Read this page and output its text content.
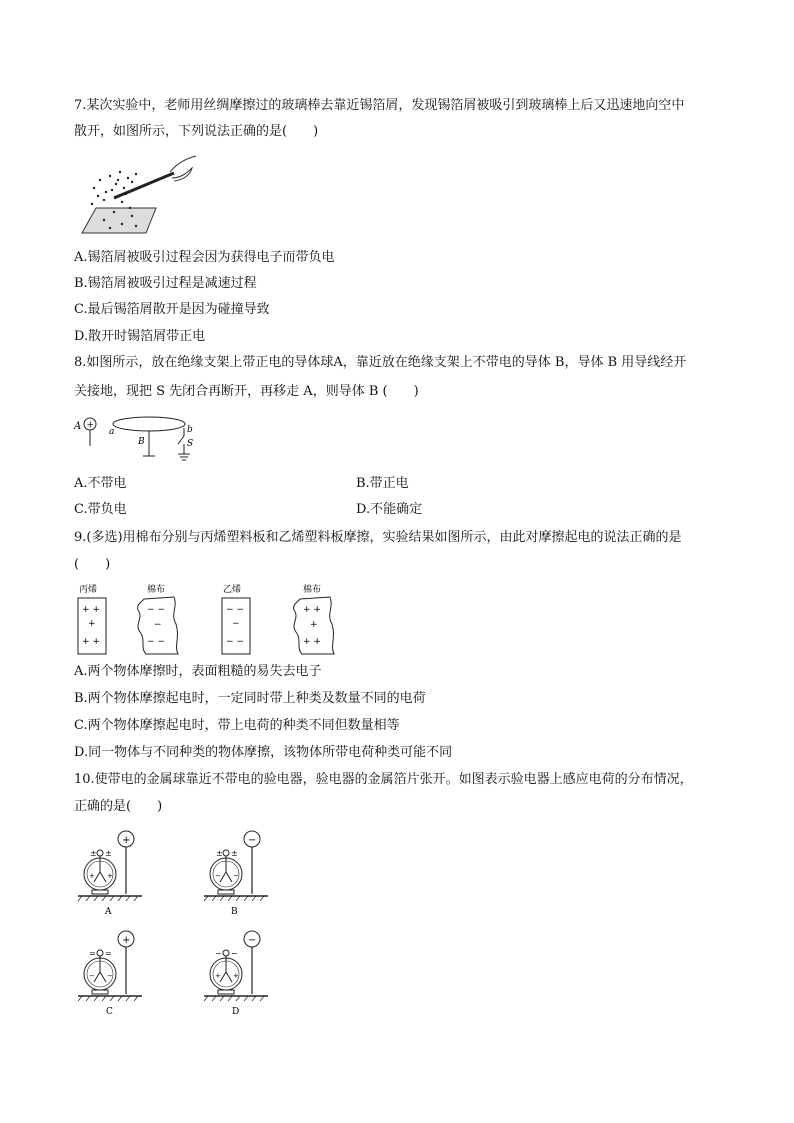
7.某次实验中，老师用丝绸摩擦过的玻璃棒去靠近锡箔屑，发现锡箔屑被吸引到玻璃棒上后又迅速地向空中
散开，如图所示，下列说法正确的是(　　)
A.锡箔屑被吸引过程会因为获得电子而带负电
B.锡箔屑被吸引过程是减速过程
C.最后锡箔屑散开是因为碰撞导致
D.散开时锡箔屑带正电
8.如图所示，放在绝缘支架上带正电的导体球A，靠近放在绝缘支架上不带电的导体 B，导体 B 用导线经开
关接地，现把 S 先闭合再断开，再移走 A，则导体 B (　　)
A +
a	b
B	S
A.不带电	B.带正电
C.带负电	D.不能确定
9.(多选)用棉布分别与丙烯塑料板和乙烯塑料板摩擦，实验结果如图所示，由此对摩擦起电的说法正确的是
(　　)
丙烯
+ +
+
+ +
棉布
− −
−
− −
乙烯
− −
−
− −
棉布
+ +
+
+ +
A.两个物体摩擦时，表面粗糙的易失去电子
B.两个物体摩擦起电时，一定同时带上种类及数量不同的电荷
C.两个物体摩擦起电时，带上电荷的种类不同但数量相等
D.同一物体与不同种类的物体摩擦，该物体所带电荷种类可能不同
10.使带电的金属球靠近不带电的验电器，验电器的金属箔片张开。如图表示验电器上感应电荷的分布情况，
正确的是(　　)
+
± ±
+ +
A
−
± ±
− −
B
+
= =
− −
C
−
− −
+ +
D
